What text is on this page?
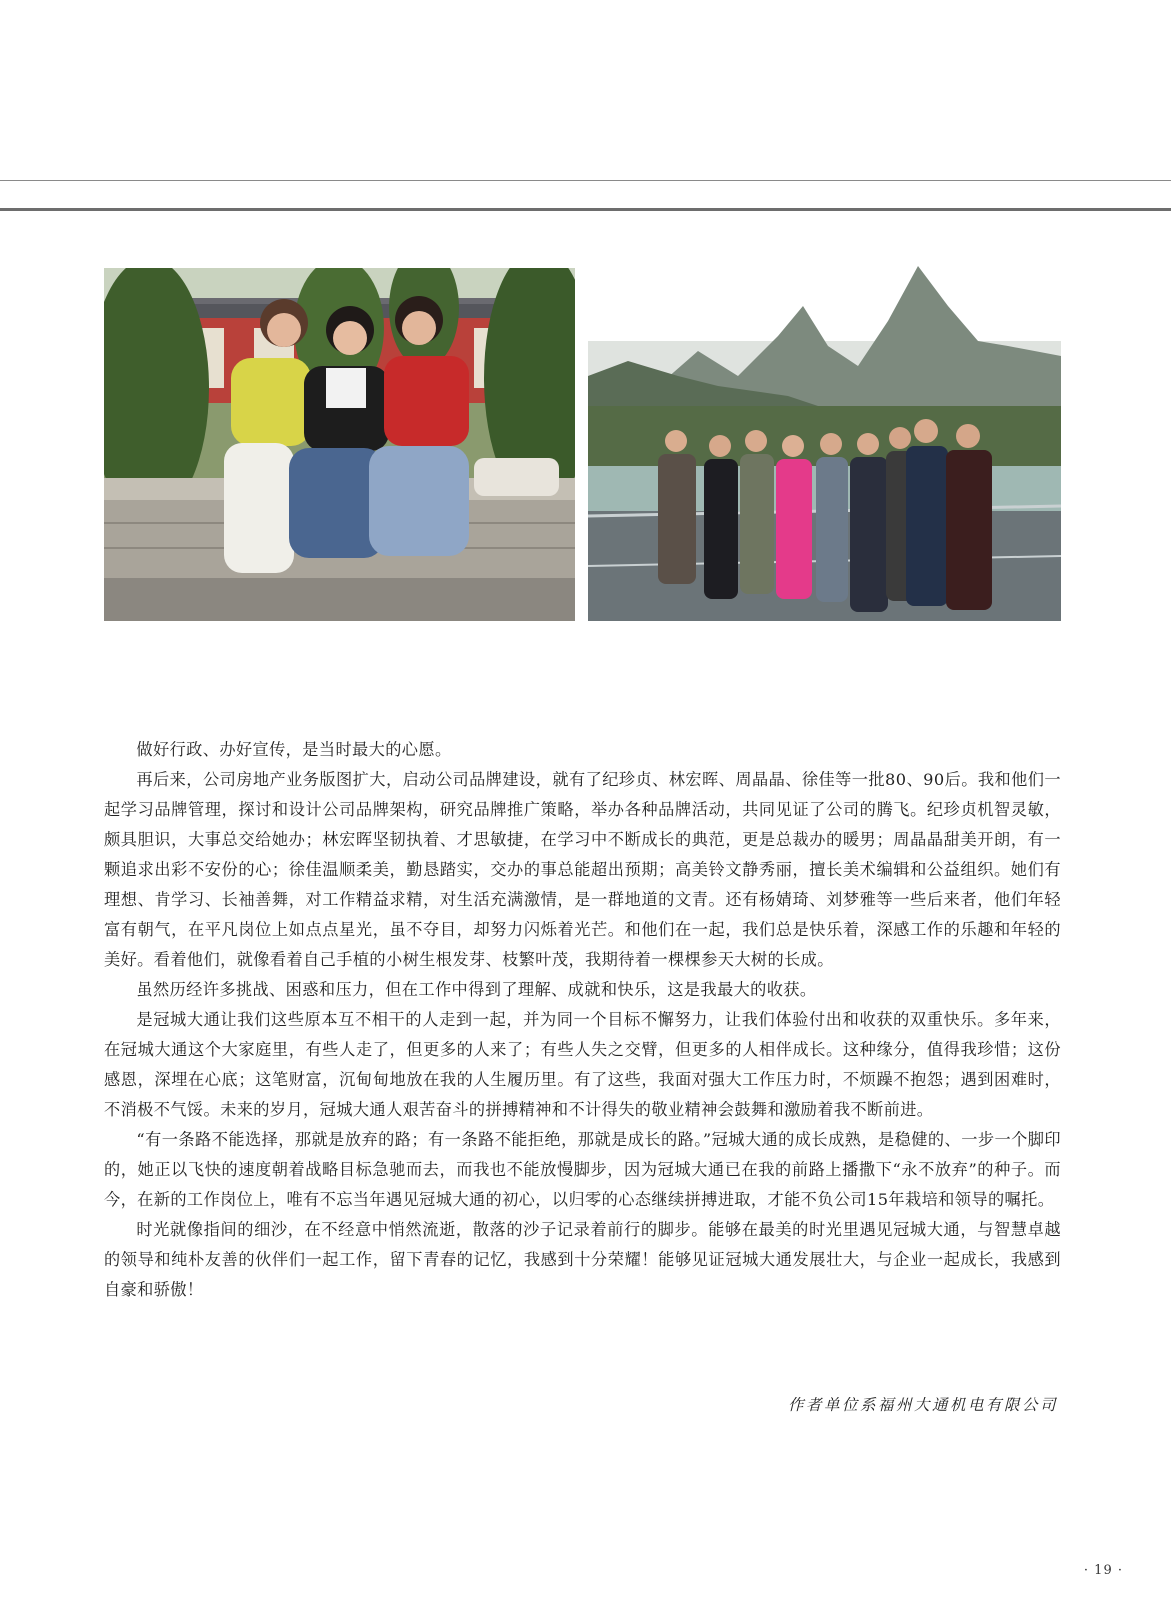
做好行政、办好宣传，是当时最大的心愿。

再后来，公司房地产业务版图扩大，启动公司品牌建设，就有了纪珍贞、林宏晖、周晶晶、徐佳等一批80、90后。我和他们一起学习品牌管理，探讨和设计公司品牌架构，研究品牌推广策略，举办各种品牌活动，共同见证了公司的腾飞。纪珍贞机智灵敏，颇具胆识，大事总交给她办；林宏晖坚韧执着、才思敏捷，在学习中不断成长的典范，更是总裁办的暖男；周晶晶甜美开朗，有一颗追求出彩不安份的心；徐佳温顺柔美，勤恳踏实，交办的事总能超出预期；高美铃文静秀丽，擅长美术编辑和公益组织。她们有理想、肯学习、长袖善舞，对工作精益求精，对生活充满激情，是一群地道的文青。还有杨婧琦、刘梦雅等一些后来者，他们年轻富有朝气，在平凡岗位上如点点星光，虽不夺目，却努力闪烁着光芒。和他们在一起，我们总是快乐着，深感工作的乐趣和年轻的美好。看着他们，就像看着自己手植的小树生根发芽、枝繁叶茂，我期待着一棵棵参天大树的长成。

虽然历经许多挑战、困惑和压力，但在工作中得到了理解、成就和快乐，这是我最大的收获。

是冠城大通让我们这些原本互不相干的人走到一起，并为同一个目标不懈努力，让我们体验付出和收获的双重快乐。多年来，在冠城大通这个大家庭里，有些人走了，但更多的人来了；有些人失之交臂，但更多的人相伴成长。这种缘分，值得我珍惜；这份感恩，深埋在心底；这笔财富，沉甸甸地放在我的人生履历里。有了这些，我面对强大工作压力时，不烦躁不抱怨；遇到困难时，不消极不气馁。未来的岁月，冠城大通人艰苦奋斗的拼搏精神和不计得失的敬业精神会鼓舞和激励着我不断前进。

“有一条路不能选择，那就是放弃的路；有一条路不能拒绝，那就是成长的路。”冠城大通的成长成熟，是稳健的、一步一个脚印的，她正以飞快的速度朝着战略目标急驰而去，而我也不能放慢脚步，因为冠城大通已在我的前路上播撒下“永不放弃”的种子。而今，在新的工作岗位上，唯有不忘当年遇见冠城大通的初心，以归零的心态继续拼搏进取，才能不负公司15年栽培和领导的嘱托。

时光就像指间的细沙，在不经意中悄然流逝，散落的沙子记录着前行的脚步。能够在最美的时光里遇见冠城大通，与智慧卓越的领导和纯朴友善的伙伴们一起工作，留下青春的记忆，我感到十分荣耀！能够见证冠城大通发展壮大，与企业一起成长，我感到自豪和骄傲！

作者单位系福州大通机电有限公司
· 19 ·
